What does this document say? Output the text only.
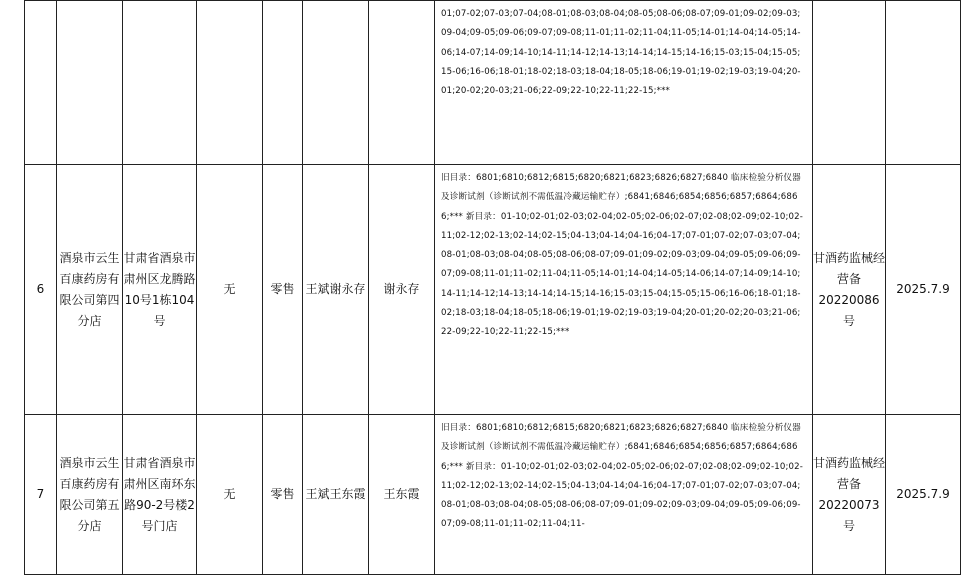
							01;07-02;07-03;07-04;08-01;08-03;08-04;08-05;08-06;08-07;09-01;09-02;09-03;09-04;09-05;09-06;09-07;09-08;11-01;11-02;11-04;11-05;14-01;14-04;14-05;14-06;14-07;14-09;14-10;14-11;14-12;14-13;14-14;14-15;14-16;15-03;15-04;15-05;15-06;16-06;18-01;18-02;18-03;18-04;18-05;18-06;19-01;19-02;19-03;19-04;20-01;20-02;20-03;21-06;22-09;22-10;22-11;22-15;***		
6	酒泉市云生百康药房有限公司第四分店	甘肃省酒泉市肃州区龙腾路10号1栋104号	无	零售	王斌谢永存	谢永存	旧目录：6801;6810;6812;6815;6820;6821;6823;6826;6827;6840 临床检验分析仪器及诊断试剂（诊断试剂不需低温冷藏运输贮存）;6841;6846;6854;6856;6857;6864;6866;*** 新目录：01-10;02-01;02-03;02-04;02-05;02-06;02-07;02-08;02-09;02-10;02-11;02-12;02-13;02-14;02-15;04-13;04-14;04-16;04-17;07-01;07-02;07-03;07-04;08-01;08-03;08-04;08-05;08-06;08-07;09-01;09-02;09-03;09-04;09-05;09-06;09-07;09-08;11-01;11-02;11-04;11-05;14-01;14-04;14-05;14-06;14-07;14-09;14-10;14-11;14-12;14-13;14-14;14-15;14-16;15-03;15-04;15-05;15-06;16-06;18-01;18-02;18-03;18-04;18-05;18-06;19-01;19-02;19-03;19-04;20-01;20-02;20-03;21-06;22-09;22-10;22-11;22-15;***	甘酒药监械经营备20220086号	2025.7.9
7	酒泉市云生百康药房有限公司第五分店	甘肃省酒泉市肃州区南环东路90-2号楼2号门店	无	零售	王斌王东霞	王东霞	旧目录：6801;6810;6812;6815;6820;6821;6823;6826;6827;6840 临床检验分析仪器及诊断试剂（诊断试剂不需低温冷藏运输贮存）;6841;6846;6854;6856;6857;6864;6866;*** 新目录：01-10;02-01;02-03;02-04;02-05;02-06;02-07;02-08;02-09;02-10;02-11;02-12;02-13;02-14;02-15;04-13;04-14;04-16;04-17;07-01;07-02;07-03;07-04;08-01;08-03;08-04;08-05;08-06;08-07;09-01;09-02;09-03;09-04;09-05;09-06;09-07;09-08;11-01;11-02;11-04;11-	甘酒药监械经营备20220073号	2025.7.9
